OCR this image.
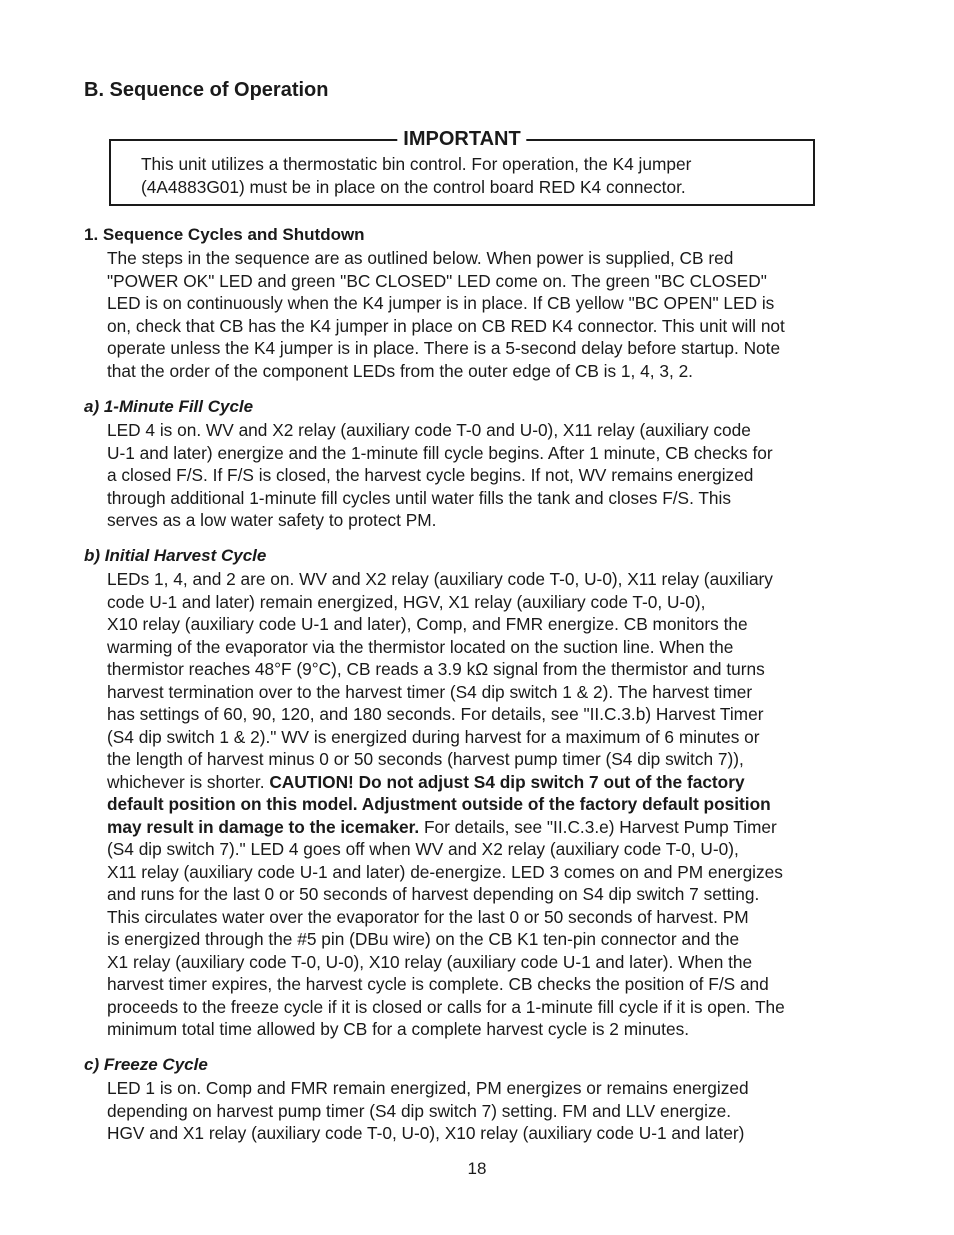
B. Sequence of Operation
IMPORTANT
This unit utilizes a thermostatic bin control. For operation, the K4 jumper
(4A4883G01) must be in place on the control board RED K4 connector.
1. Sequence Cycles and Shutdown

The steps in the sequence are as outlined below. When power is supplied, CB red
"POWER OK" LED and green "BC CLOSED" LED come on. The green "BC CLOSED"
LED is on continuously when the K4 jumper is in place. If CB yellow "BC OPEN" LED is
on, check that CB has the K4 jumper in place on CB RED K4 connector. This unit will not
operate unless the K4 jumper is in place. There is a 5-second delay before startup. Note
that the order of the component LEDs from the outer edge of CB is 1, 4, 3, 2.

a) 1-Minute Fill Cycle

LED 4 is on. WV and X2 relay (auxiliary code T-0 and U-0), X11 relay (auxiliary code
U-1 and later) energize and the 1-minute fill cycle begins. After 1 minute, CB checks for
a closed F/S. If F/S is closed, the harvest cycle begins. If not, WV remains energized
through additional 1-minute fill cycles until water fills the tank and closes F/S. This
serves as a low water safety to protect PM.

b) Initial Harvest Cycle

LEDs 1, 4, and 2 are on. WV and X2 relay (auxiliary code T-0, U-0), X11 relay (auxiliary
code U-1 and later) remain energized, HGV, X1 relay (auxiliary code T-0, U-0),
X10 relay (auxiliary code U-1 and later), Comp, and FMR energize. CB monitors the
warming of the evaporator via the thermistor located on the suction line. When the
thermistor reaches 48°F (9°C), CB reads a 3.9 kΩ signal from the thermistor and turns
harvest termination over to the harvest timer (S4 dip switch 1 & 2). The harvest timer
has settings of 60, 90, 120, and 180 seconds. For details, see "II.C.3.b) Harvest Timer
(S4 dip switch 1 & 2)." WV is energized during harvest for a maximum of 6 minutes or
the length of harvest minus 0 or 50 seconds (harvest pump timer (S4 dip switch 7)),
whichever is shorter. CAUTION! Do not adjust S4 dip switch 7 out of the factory
default position on this model. Adjustment outside of the factory default position
may result in damage to the icemaker. For details, see "II.C.3.e) Harvest Pump Timer
(S4 dip switch 7)." LED 4 goes off when WV and X2 relay (auxiliary code T-0, U-0),
X11 relay (auxiliary code U-1 and later) de-energize. LED 3 comes on and PM energizes
and runs for the last 0 or 50 seconds of harvest depending on S4 dip switch 7 setting.
This circulates water over the evaporator for the last 0 or 50 seconds of harvest. PM
is energized through the #5 pin (DBu wire) on the CB K1 ten-pin connector and the
X1 relay (auxiliary code T-0, U-0), X10 relay (auxiliary code U-1 and later). When the
harvest timer expires, the harvest cycle is complete. CB checks the position of F/S and
proceeds to the freeze cycle if it is closed or calls for a 1-minute fill cycle if it is open. The
minimum total time allowed by CB for a complete harvest cycle is 2 minutes.

c) Freeze Cycle

LED 1 is on. Comp and FMR remain energized, PM energizes or remains energized
depending on harvest pump timer (S4 dip switch 7) setting. FM and LLV energize.
HGV and X1 relay (auxiliary code T-0, U-0), X10 relay (auxiliary code U-1 and later)

18
